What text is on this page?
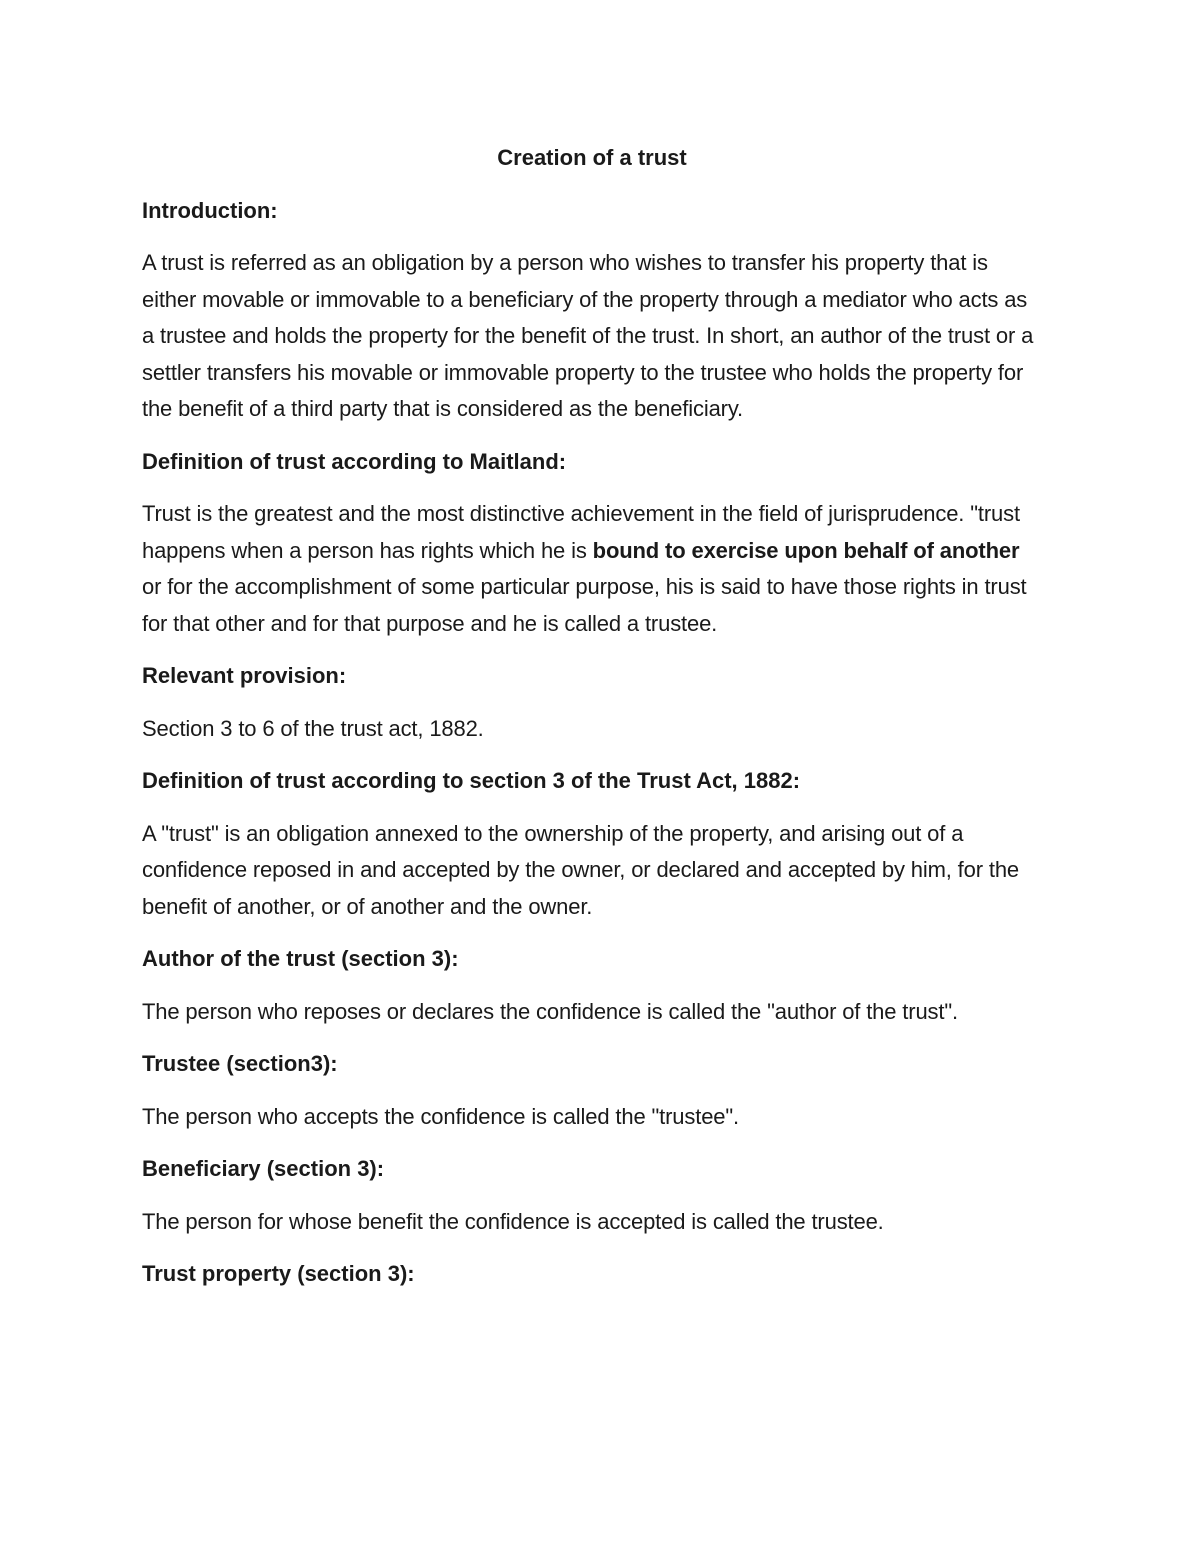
Creation of a trust
Introduction:
A trust is referred as an obligation by a person who wishes to transfer his property that is either movable or immovable to a beneficiary of the property through a mediator who acts as a trustee and holds the property for the benefit of the trust. In short, an author of the trust or a settler transfers his movable or immovable property to the trustee who holds the property for the benefit of a third party that is considered as the beneficiary.
Definition of trust according to Maitland:
Trust is the greatest and the most distinctive achievement in the field of jurisprudence. "trust happens when a person has rights which he is bound to exercise upon behalf of another or for the accomplishment of some particular purpose, his is said to have those rights in trust for that other and for that purpose and he is called a trustee.
Relevant provision:
Section 3 to 6 of the trust act, 1882.
Definition of trust according to section 3 of the Trust Act, 1882:
A "trust" is an obligation annexed to the ownership of the property, and arising out of a confidence reposed in and accepted by the owner, or declared and accepted by him, for the benefit of another, or of another and the owner.
Author of the trust (section 3):
The person who reposes or declares the confidence is called the "author of the trust".
Trustee (section3):
The person who accepts the confidence is called the "trustee".
Beneficiary (section 3):
The person for whose benefit the confidence is accepted is called the trustee.
Trust property (section 3):
